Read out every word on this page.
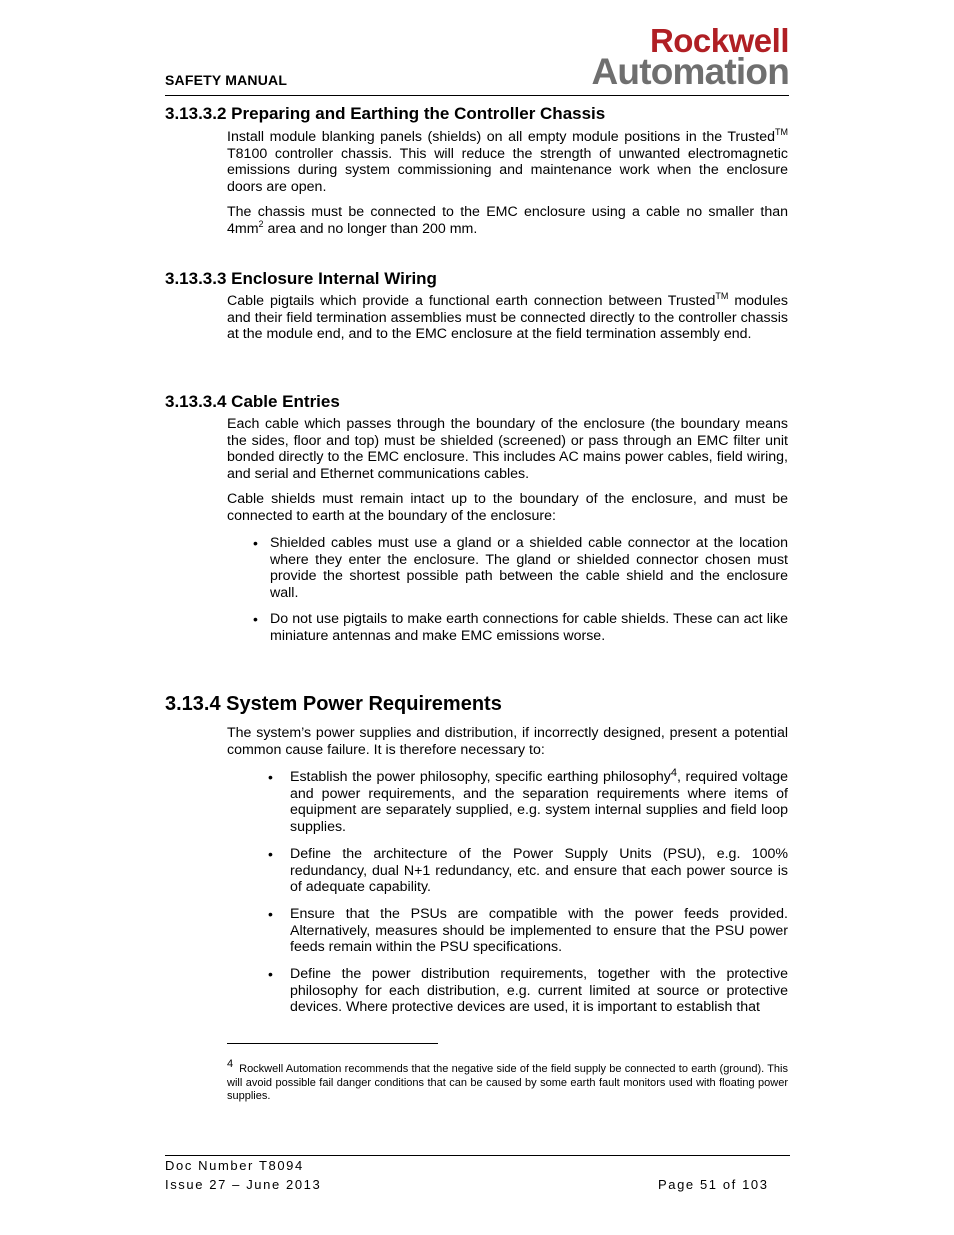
SAFETY MANUAL
Rockwell
Automation
3.13.3.2 Preparing and Earthing the Controller Chassis

Install module blanking panels (shields) on all empty module positions in the Trusted™ T8100 controller chassis. This will reduce the strength of unwanted electromagnetic emissions during system commissioning and maintenance work when the enclosure doors are open.

The chassis must be connected to the EMC enclosure using a cable no smaller than $4mm^2$ area and no longer than 200 mm.

3.13.3.3 Enclosure Internal Wiring

Cable pigtails which provide a functional earth connection between Trusted™ modules and their field termination assemblies must be connected directly to the controller chassis at the module end, and to the EMC enclosure at the field termination assembly end.

3.13.3.4 Cable Entries

Each cable which passes through the boundary of the enclosure (the boundary means the sides, floor and top) must be shielded (screened) or pass through an EMC filter unit bonded directly to the EMC enclosure. This includes AC mains power cables, field wiring, and serial and Ethernet communications cables.

Cable shields must remain intact up to the boundary of the enclosure, and must be connected to earth at the boundary of the enclosure:

• Shielded cables must use a gland or a shielded cable connector at the location where they enter the enclosure. The gland or shielded connector chosen must provide the shortest possible path between the cable shield and the enclosure wall.

• Do not use pigtails to make earth connections for cable shields. These can act like miniature antennas and make EMC emissions worse.

3.13.4 System Power Requirements

The system’s power supplies and distribution, if incorrectly designed, present a potential common cause failure. It is therefore necessary to:

• Establish the power philosophy, specific earthing philosophy$^4$, required voltage and power requirements, and the separation requirements where items of equipment are separately supplied, e.g. system internal supplies and field loop supplies.

• Define the architecture of the Power Supply Units (PSU), e.g. 100% redundancy, dual N+1 redundancy, etc. and ensure that each power source is of adequate capability.

• Ensure that the PSUs are compatible with the power feeds provided. Alternatively, measures should be implemented to ensure that the PSU power feeds remain within the PSU specifications.

• Define the power distribution requirements, together with the protective philosophy for each distribution, e.g. current limited at source or protective devices. Where protective devices are used, it is important to establish that

4 Rockwell Automation recommends that the negative side of the field supply be connected to earth (ground). This will avoid possible fail danger conditions that can be caused by some earth fault monitors used with floating power supplies.

Doc Number T8094
Issue 27 – June 2013	Page 51 of 103
